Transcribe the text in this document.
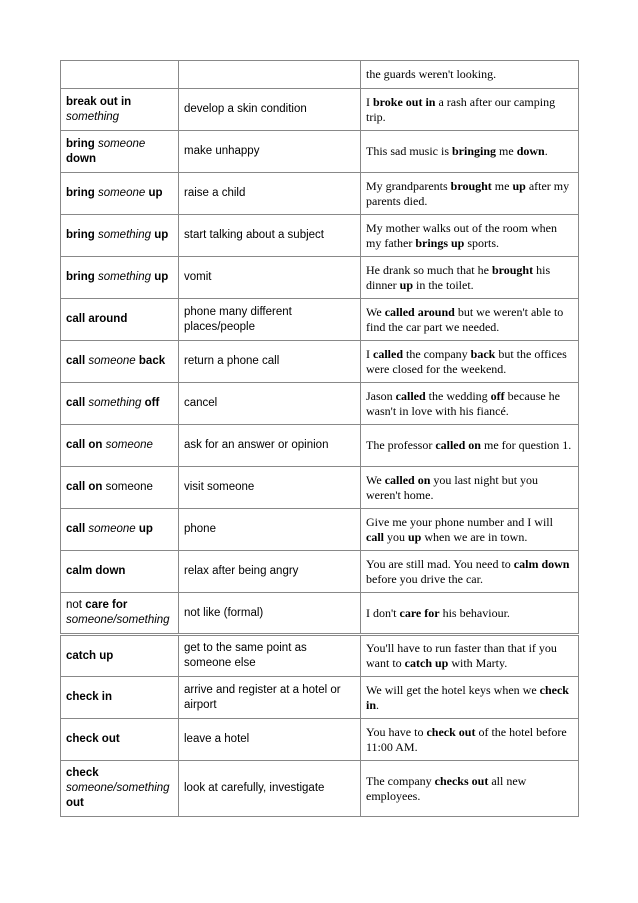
		the guards weren't looking.
break out in
something	develop a skin condition	I broke out in a rash after our camping trip.
bring someone
down	make unhappy	This sad music is bringing me down.
bring someone up	raise a child	My grandparents brought me up after my parents died.
bring something up	start talking about a subject	My mother walks out of the room when my father brings up sports.
bring something up	vomit	He drank so much that he brought his dinner up in the toilet.
call around	phone many different places/people	We called around but we weren't able to find the car part we needed.
call someone back	return a phone call	I called the company back but the offices were closed for the weekend.
call something off	cancel	Jason called the wedding off because he wasn't in love with his fiancé.
call on someone	ask for an answer or opinion	The professor called on me for question 1.
call on someone	visit someone	We called on you last night but you weren't home.
call someone up	phone	Give me your phone number and I will call you up when we are in town.
calm down	relax after being angry	You are still mad. You need to calm down before you drive the car.
not care for
someone/something	not like (formal)	I don't care for his behaviour.
catch up	get to the same point as someone else	You'll have to run faster than that if you want to catch up with Marty.
check in	arrive and register at a hotel or airport	We will get the hotel keys when we check in.
check out	leave a hotel	You have to check out of the hotel before 11:00 AM.
check
someone/something
out	look at carefully, investigate	The company checks out all new employees.
